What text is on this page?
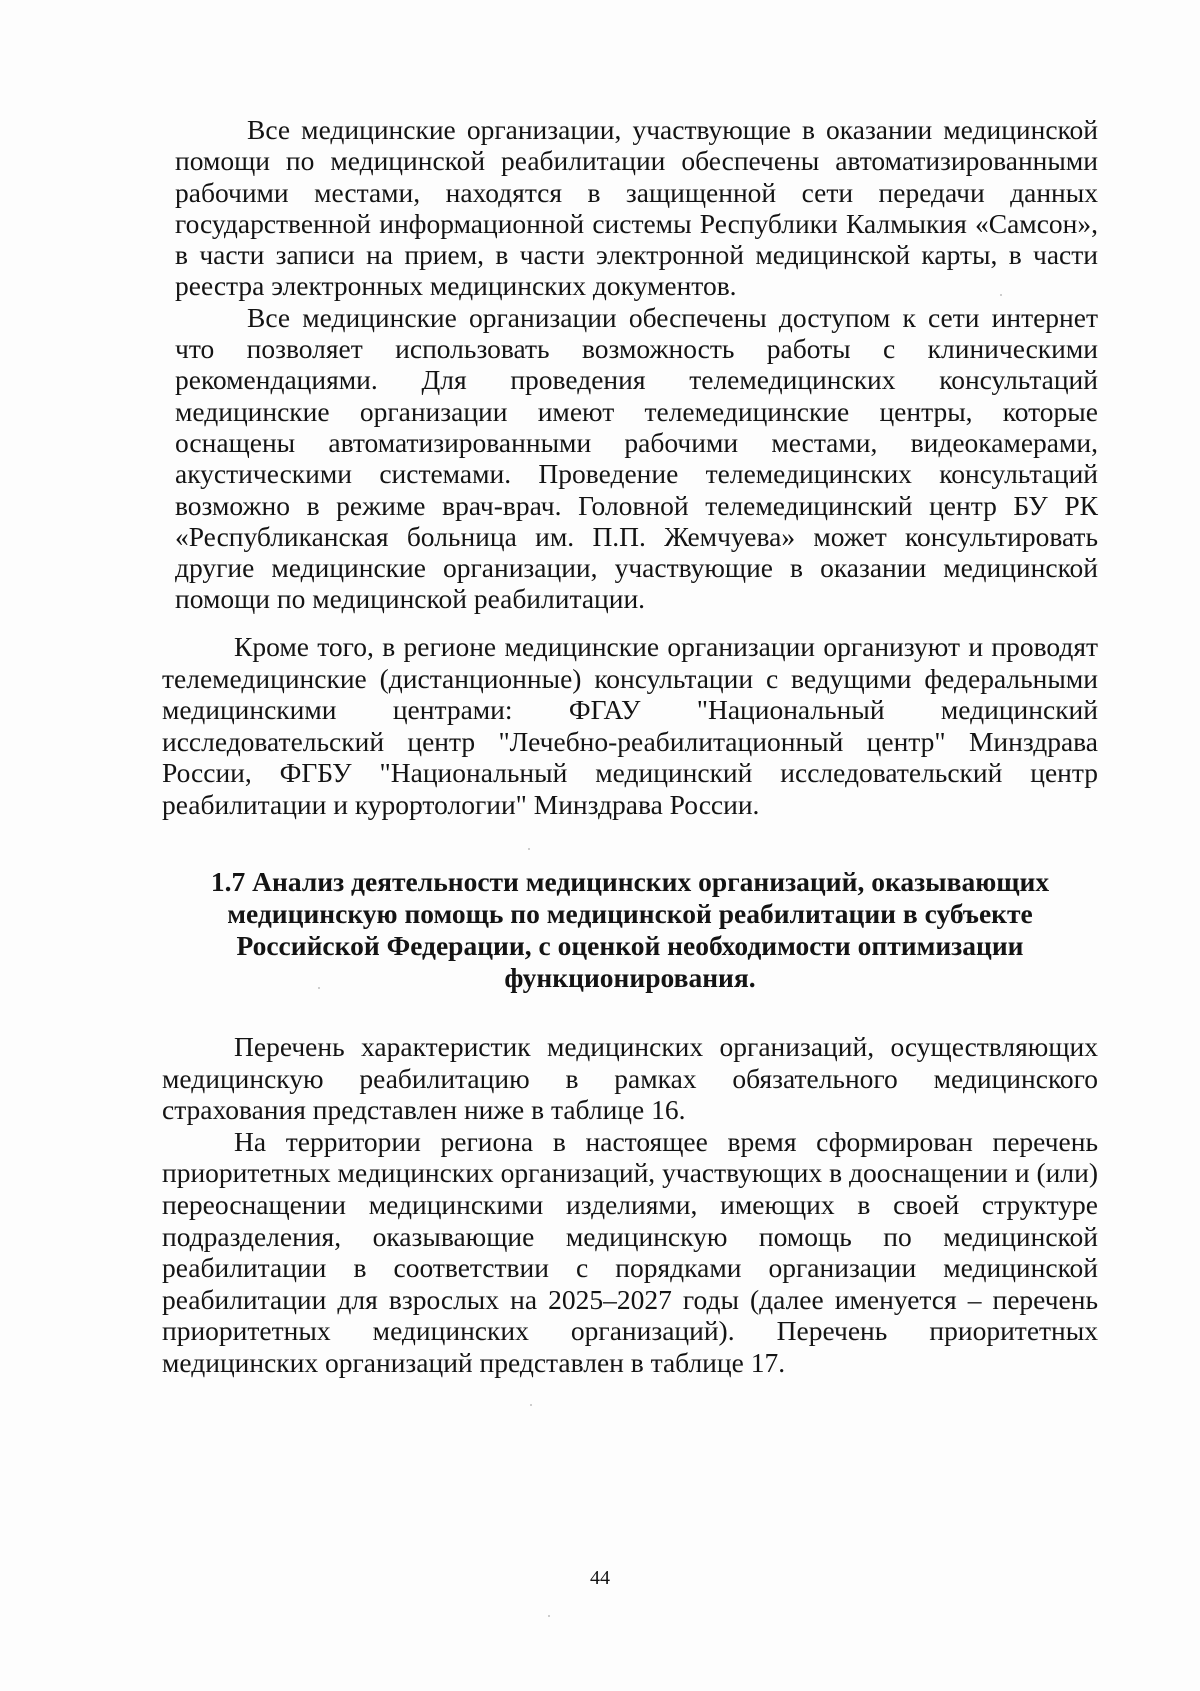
Все медицинские организации, участвующие в оказании медицинской помощи по медицинской реабилитации обеспечены автоматизированными рабочими местами, находятся в защищенной сети передачи данных государственной информационной системы Республики Калмыкия «Самсон», в части записи на прием, в части электронной медицинской карты, в части реестра электронных медицинских документов.

Все медицинские организации обеспечены доступом к сети интернет что позволяет использовать возможность работы с клиническими рекомендациями. Для проведения телемедицинских консультаций медицинские организации имеют телемедицинские центры, которые оснащены автоматизированными рабочими местами, видеокамерами, акустическими системами. Проведение телемедицинских консультаций возможно в режиме врач-врач. Головной телемедицинский центр БУ РК «Республиканская больница им. П.П. Жемчуева» может консультировать другие медицинские организации, участвующие в оказании медицинской помощи по медицинской реабилитации.

Кроме того, в регионе медицинские организации организуют и проводят телемедицинские (дистанционные) консультации с ведущими федеральными медицинскими центрами: ФГАУ "Национальный медицинский исследовательский центр "Лечебно-реабилитационный центр" Минздрава России, ФГБУ "Национальный медицинский исследовательский центр реабилитации и курортологии" Минздрава России.

1.7 Анализ деятельности медицинских организаций, оказывающих медицинскую помощь по медицинской реабилитации в субъекте Российской Федерации, с оценкой необходимости оптимизации функционирования.

Перечень характеристик медицинских организаций, осуществляющих медицинскую реабилитацию в рамках обязательного медицинского страхования представлен ниже в таблице 16.

На территории региона в настоящее время сформирован перечень приоритетных медицинских организаций, участвующих в дооснащении и (или) переоснащении медицинскими изделиями, имеющих в своей структуре подразделения, оказывающие медицинскую помощь по медицинской реабилитации в соответствии с порядками организации медицинской реабилитации для взрослых на 2025–2027 годы (далее именуется – перечень приоритетных медицинских организаций). Перечень приоритетных медицинских организаций представлен в таблице 17.

44
